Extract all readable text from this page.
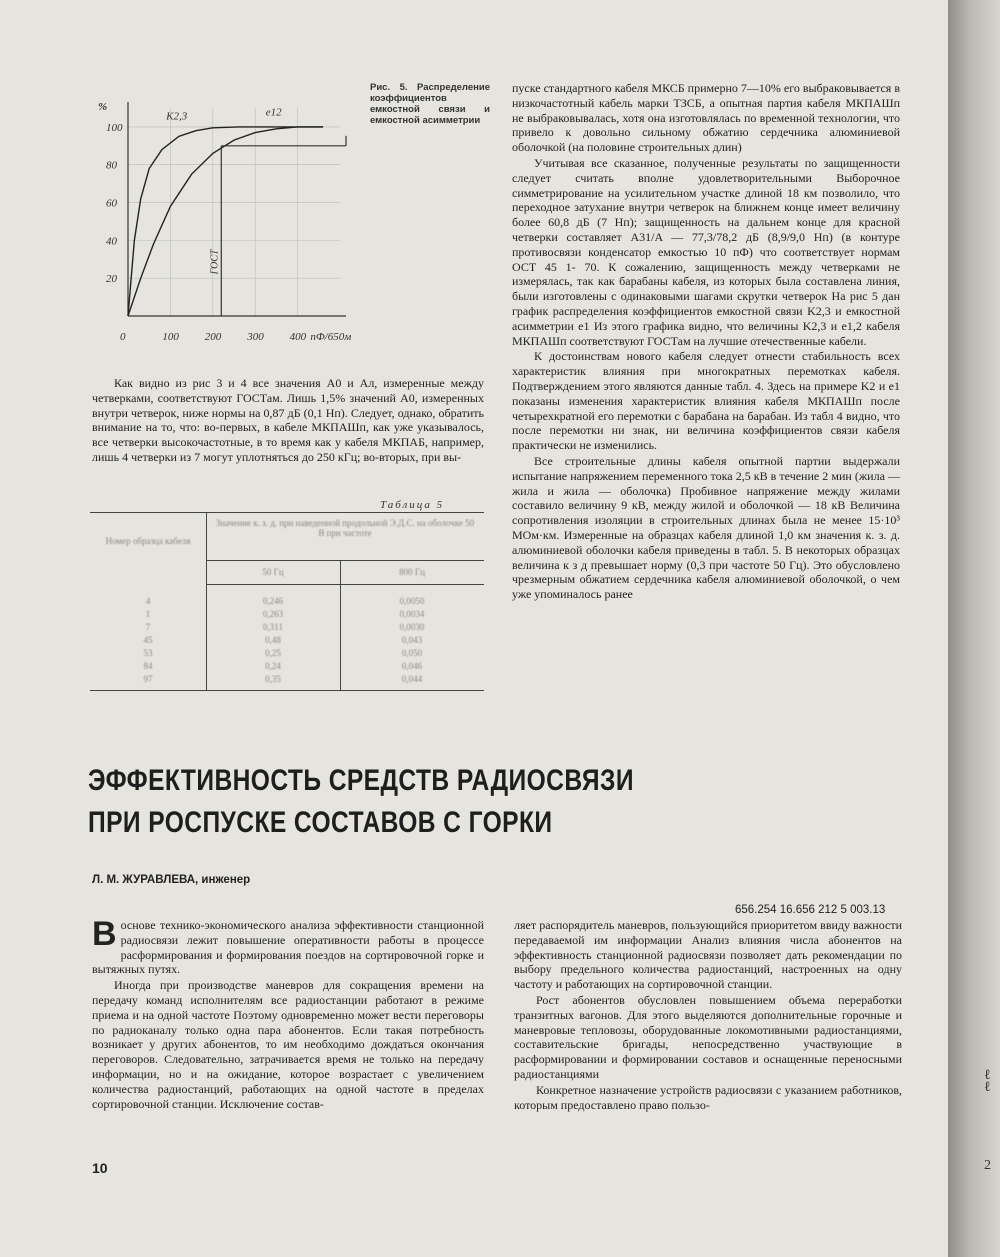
100
80
60
40
20
0	100 200 300 400
%
пФ/650м
K2,3	e12
ГОСТ
Рис. 5. Распределение коэффициентов емкостной связи и емкостной асимметрии

Как видно из рис 3 и 4 все значения A0 и Aл, измеренные между четверками, соответствуют ГОСТам. Лишь 1,5% значений A0, измеренных внутри четверок, ниже нормы на 0,87 дБ (0,1 Нп). Следует, однако, обратить внимание на то, что: во-первых, в кабеле МКПАШп, как уже указывалось, все четверки высокочастотные, в то время как у кабеля МКПАБ, например, лишь 4 четверки из 7 могут уплотняться до 250 кГц; во-вторых, при вы-

Таблица 5
Номер образца кабеля
Значение к. з. д. при наведенной продольной Э.Д.С. на оболочке 50 В при частоте
50 Гц	800 Гц
4	0,246	0,0050
1	0,263	0,0034
7	0,311	0,0030
45	0,48	0,043
53	0,25	0,050
84	0,24	0,046
97	0,35	0,044

пуске стандартного кабеля МКСБ примерно 7—10% его выбраковывается в низкочастотный кабель марки ТЗСБ, а опытная партия кабеля МКПАШп не выбраковывалась, хотя она изготовлялась по временной технологии, что привело к довольно сильному обжатию сердечника алюминиевой оболочкой (на половине строительных длин)

Учитывая все сказанное, полученные результаты по защищенности следует считать вполне удовлетворительными Выборочное симметрирование на усилительном участке длиной 18 км позволило, что переходное затухание внутри четверок на ближнем конце имеет величину более 60,8 дБ (7 Нп); защищенность на дальнем конце для красной четверки составляет A31/A — 77,3/78,2 дБ (8,9/9,0 Нп) (в контуре противосвязи конденсатор емкостью 10 пФ) что соответствует нормам ОСТ 45 1- 70. К сожалению, защищенность между четверками не измерялась, так как барабаны кабеля, из которых была составлена линия, были изготовлены с одинаковыми шагами скрутки четверок На рис 5 дан график распределения коэффициентов емкостной связи K2,3 и емкостной асимметрии e1 Из этого графика видно, что величины K2,3 и e1,2 кабеля МКПАШп соответствуют ГОСТам на лучшие отечественные кабели.

К достоинствам нового кабеля следует отнести стабильность всех характеристик влияния при многократных перемотках кабеля. Подтверждением этого являются данные табл. 4. Здесь на примере K2 и e1 показаны изменения характеристик влияния кабеля МКПАШп после четырехкратной его перемотки с барабана на барабан. Из табл 4 видно, что после перемотки ни знак, ни величина коэффициентов связи кабеля практически не изменились.

Все строительные длины кабеля опытной партии выдержали испытание напряжением переменного тока 2,5 кВ в течение 2 мин (жила — жила и жила — оболочка) Пробивное напряжение между жилами составило величину 9 кВ, между жилой и оболочкой — 18 кВ Величина сопротивления изоляции в строительных длинах была не менее 15·10³ МОм·км. Измеренные на образцах кабеля длиной 1,0 км значения к. з. д. алюминиевой оболочки кабеля приведены в табл. 5. В некоторых образцах величина к з д превышает норму (0,3 при частоте 50 Гц). Это обусловлено чрезмерным обжатием сердечника кабеля алюминиевой оболочкой, о чем уже упоминалось ранее

ЭФФЕКТИВНОСТЬ СРЕДСТВ РАДИОСВЯЗИ
ПРИ РОСПУСКЕ СОСТАВОВ С ГОРКИ
Л. М. ЖУРАВЛЕВА, инженер
656.254 16.656 212 5 003.13

Воснове технико-экономического анализа эффективности станционной радиосвязи лежит повышение оперативности работы в процессе расформирования и формирования поездов на сортировочной горке и вытяжных путях.

Иногда при производстве маневров для сокращения времени на передачу команд исполнителям все радиостанции работают в режиме приема и на одной частоте Поэтому одновременно может вести переговоры по радиоканалу только одна пара абонентов. Если такая потребность возникает у других абонентов, то им необходимо дождаться окончания переговоров. Следовательно, затрачивается время не только на передачу информации, но и на ожидание, которое возрастает с увеличением количества радиостанций, работающих на одной частоте в пределах сортировочной станции. Исключение состав-

ляет распорядитель маневров, пользующийся приоритетом ввиду важности передаваемой им информации Анализ влияния числа абонентов на эффективность станционной радиосвязи позволяет дать рекомендации по выбору предельного количества радиостанций, настроенных на одну частоту и работающих на сортировочной станции.

Рост абонентов обусловлен повышением объема переработки транзитных вагонов. Для этого выделяются дополнительные горочные и маневровые тепловозы, оборудованные локомотивными радиостанциями, составительские бригады, непосредственно участвующие в расформировании и формировании составов и оснащенные переносными радиостанциями

Конкретное назначение устройств радиосвязи с указанием работников, которым предоставлено право пользо-

10
ℓ
ℓ
2
